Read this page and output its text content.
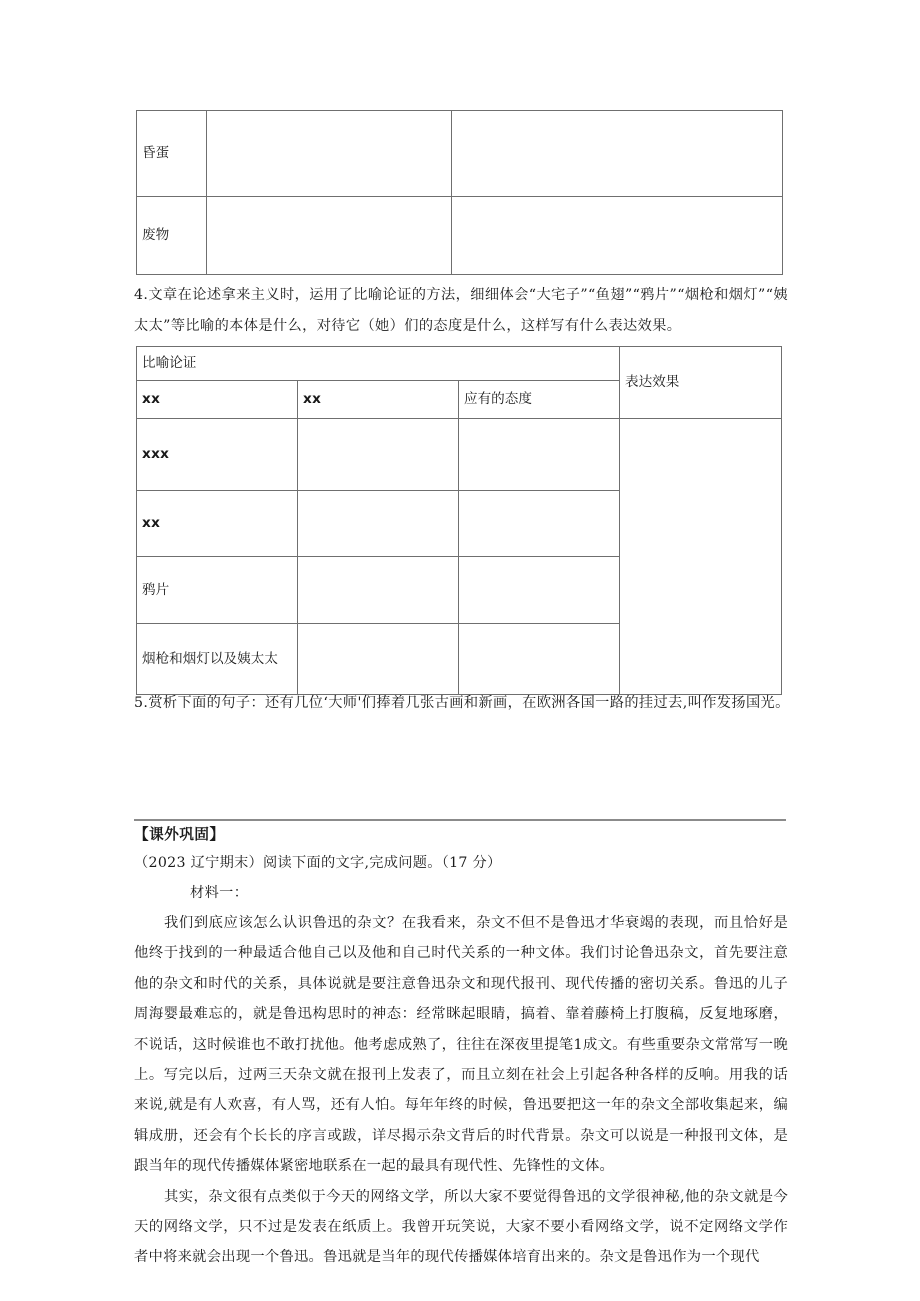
昏蛋		
废物		

4.文章在论述拿来主义时，运用了比喻论证的方法，细细体会“大宅子”“鱼翅”“鸦片”“烟枪和烟灯”“姨太太”等比喻的本体是什么，对待它（她）们的态度是什么，这样写有什么表达效果。

比喻论证			表达效果
xx	xx	应有的态度	
xxx			
xx			
鸦片			
烟枪和烟灯以及姨太太			

5.赏析下面的句子：还有几位‘大师'们捧着几张古画和新画，在欧洲各国一路的挂过去,叫作发扬国光。

【课外巩固】

（2023 辽宁期末）阅读下面的文字,完成问题。（17 分）

材料一：

我们到底应该怎么认识鲁迅的杂文？在我看来，杂文不但不是鲁迅才华衰竭的表现，而且恰好是他终于找到的一种最适合他自己以及他和自己时代关系的一种文体。我们讨论鲁迅杂文，首先要注意他的杂文和时代的关系，具体说就是要注意鲁迅杂文和现代报刊、现代传播的密切关系。鲁迅的儿子周海婴最难忘的，就是鲁迅构思时的神态：经常眯起眼睛，搞着、靠着藤椅上打腹稿，反复地琢磨，不说话，这时候谁也不敢打扰他。他考虑成熟了，往往在深夜里提笔1成文。有些重要杂文常常写一晚上。写完以后，过两三天杂文就在报刊上发表了，而且立刻在社会上引起各种各样的反响。用我的话来说,就是有人欢喜，有人骂，还有人怕。每年年终的时候，鲁迅要把这一年的杂文全部收集起来，编辑成册，还会有个长长的序言或跋，详尽揭示杂文背后的时代背景。杂文可以说是一种报刊文体，是跟当年的现代传播媒体紧密地联系在一起的最具有现代性、先锋性的文体。

其实，杂文很有点类似于今天的网络文学，所以大家不要觉得鲁迅的文学很神秘,他的杂文就是今天的网络文学，只不过是发表在纸质上。我曾开玩笑说，大家不要小看网络文学，说不定网络文学作者中将来就会出现一个鲁迅。鲁迅就是当年的现代传播媒体培育出来的。杂文是鲁迅作为一个现代
